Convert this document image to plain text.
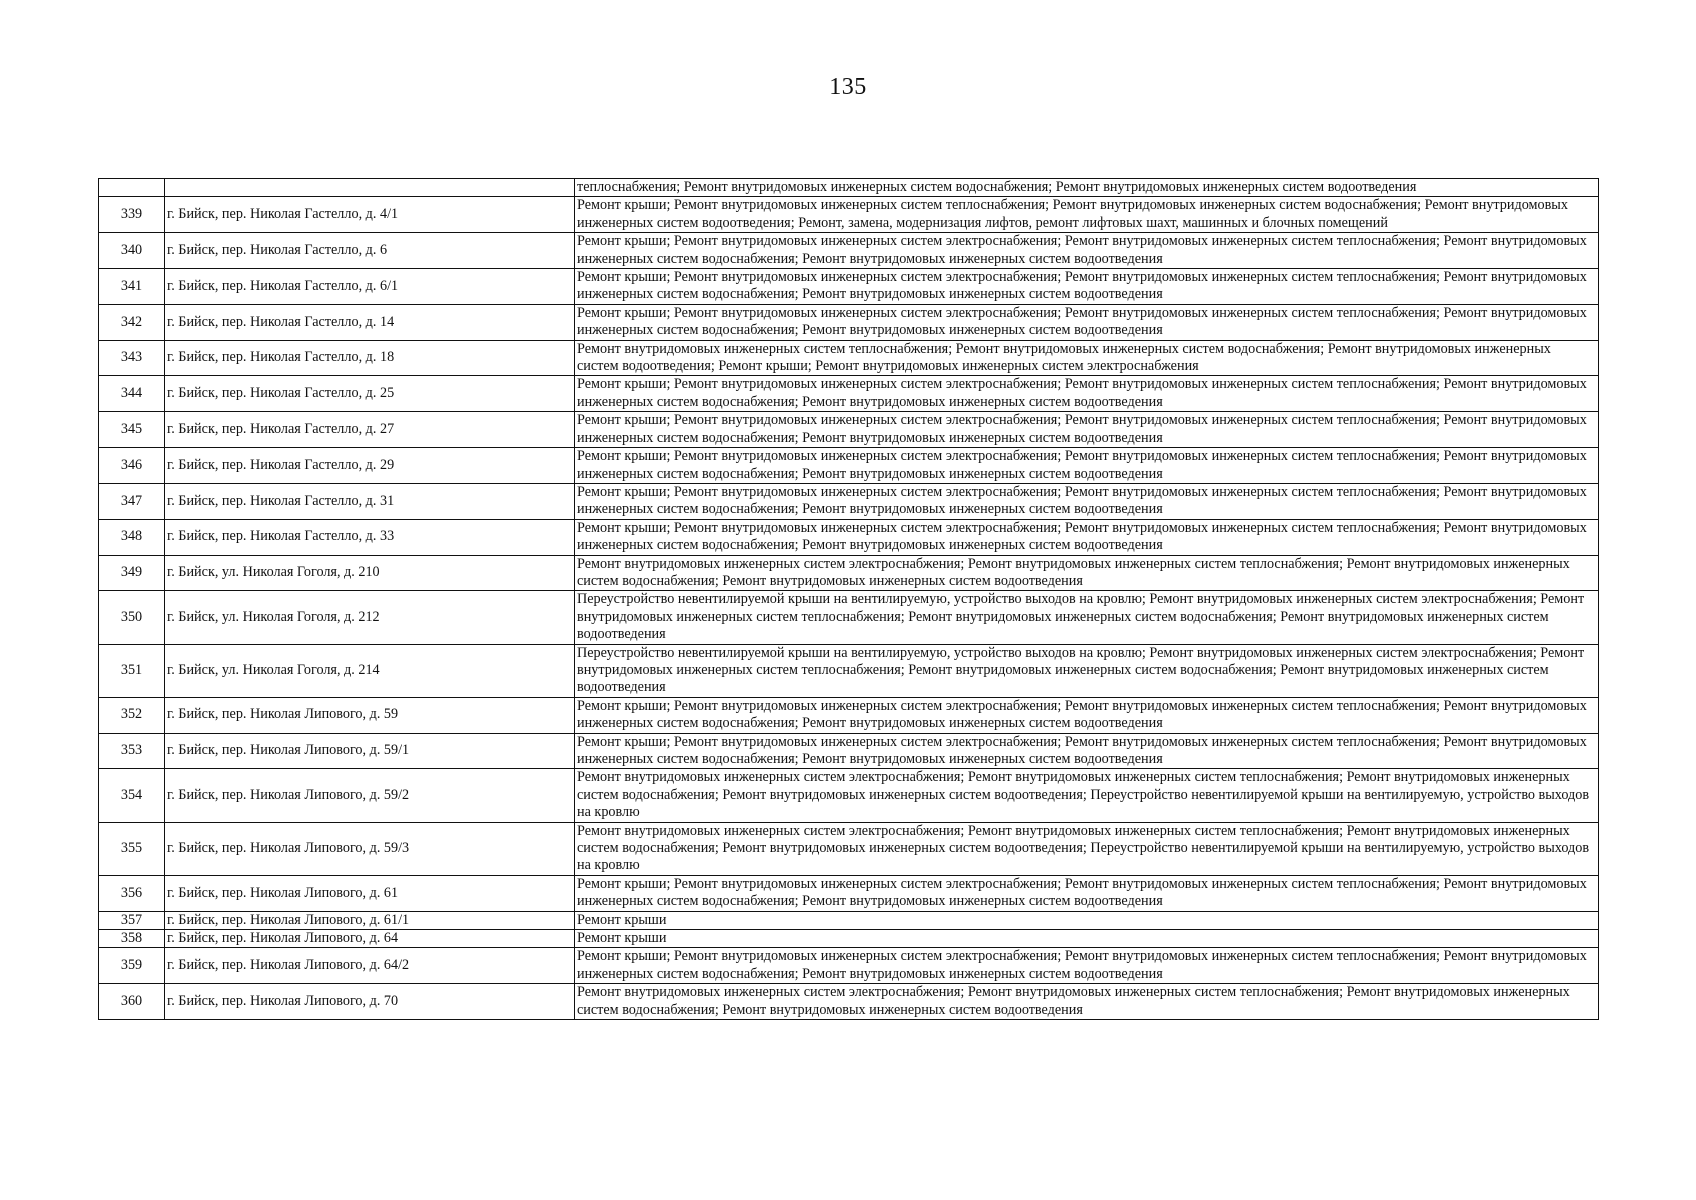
135
		теплоснабжения; Ремонт внутридомовых инженерных систем водоснабжения; Ремонт внутридомовых инженерных систем водоотведения
339	г. Бийск, пер. Николая Гастелло, д. 4/1	Ремонт крыши; Ремонт внутридомовых инженерных систем теплоснабжения; Ремонт внутридомовых инженерных систем водоснабжения; Ремонт внутридомовых инженерных систем водоотведения; Ремонт, замена, модернизация лифтов, ремонт лифтовых шахт, машинных и блочных помещений
340	г. Бийск, пер. Николая Гастелло, д. 6	Ремонт крыши; Ремонт внутридомовых инженерных систем электроснабжения; Ремонт внутридомовых инженерных систем теплоснабжения; Ремонт внутридомовых инженерных систем водоснабжения; Ремонт внутридомовых инженерных систем водоотведения
341	г. Бийск, пер. Николая Гастелло, д. 6/1	Ремонт крыши; Ремонт внутридомовых инженерных систем электроснабжения; Ремонт внутридомовых инженерных систем теплоснабжения; Ремонт внутридомовых инженерных систем водоснабжения; Ремонт внутридомовых инженерных систем водоотведения
342	г. Бийск, пер. Николая Гастелло, д. 14	Ремонт крыши; Ремонт внутридомовых инженерных систем электроснабжения; Ремонт внутридомовых инженерных систем теплоснабжения; Ремонт внутридомовых инженерных систем водоснабжения; Ремонт внутридомовых инженерных систем водоотведения
343	г. Бийск, пер. Николая Гастелло, д. 18	Ремонт внутридомовых инженерных систем теплоснабжения; Ремонт внутридомовых инженерных систем водоснабжения; Ремонт внутридомовых инженерных систем водоотведения; Ремонт крыши; Ремонт внутридомовых инженерных систем электроснабжения
344	г. Бийск, пер. Николая Гастелло, д. 25	Ремонт крыши; Ремонт внутридомовых инженерных систем электроснабжения; Ремонт внутридомовых инженерных систем теплоснабжения; Ремонт внутридомовых инженерных систем водоснабжения; Ремонт внутридомовых инженерных систем водоотведения
345	г. Бийск, пер. Николая Гастелло, д. 27	Ремонт крыши; Ремонт внутридомовых инженерных систем электроснабжения; Ремонт внутридомовых инженерных систем теплоснабжения; Ремонт внутридомовых инженерных систем водоснабжения; Ремонт внутридомовых инженерных систем водоотведения
346	г. Бийск, пер. Николая Гастелло, д. 29	Ремонт крыши; Ремонт внутридомовых инженерных систем электроснабжения; Ремонт внутридомовых инженерных систем теплоснабжения; Ремонт внутридомовых инженерных систем водоснабжения; Ремонт внутридомовых инженерных систем водоотведения
347	г. Бийск, пер. Николая Гастелло, д. 31	Ремонт крыши; Ремонт внутридомовых инженерных систем электроснабжения; Ремонт внутридомовых инженерных систем теплоснабжения; Ремонт внутридомовых инженерных систем водоснабжения; Ремонт внутридомовых инженерных систем водоотведения
348	г. Бийск, пер. Николая Гастелло, д. 33	Ремонт крыши; Ремонт внутридомовых инженерных систем электроснабжения; Ремонт внутридомовых инженерных систем теплоснабжения; Ремонт внутридомовых инженерных систем водоснабжения; Ремонт внутридомовых инженерных систем водоотведения
349	г. Бийск, ул. Николая Гоголя, д. 210	Ремонт внутридомовых инженерных систем электроснабжения; Ремонт внутридомовых инженерных систем теплоснабжения; Ремонт внутридомовых инженерных систем водоснабжения; Ремонт внутридомовых инженерных систем водоотведения
350	г. Бийск, ул. Николая Гоголя, д. 212	Переустройство невентилируемой крыши на вентилируемую, устройство выходов на кровлю; Ремонт внутридомовых инженерных систем электроснабжения; Ремонт внутридомовых инженерных систем теплоснабжения; Ремонт внутридомовых инженерных систем водоснабжения; Ремонт внутридомовых инженерных систем водоотведения
351	г. Бийск, ул. Николая Гоголя, д. 214	Переустройство невентилируемой крыши на вентилируемую, устройство выходов на кровлю; Ремонт внутридомовых инженерных систем электроснабжения; Ремонт внутридомовых инженерных систем теплоснабжения; Ремонт внутридомовых инженерных систем водоснабжения; Ремонт внутридомовых инженерных систем водоотведения
352	г. Бийск, пер. Николая Липового, д. 59	Ремонт крыши; Ремонт внутридомовых инженерных систем электроснабжения; Ремонт внутридомовых инженерных систем теплоснабжения; Ремонт внутридомовых инженерных систем водоснабжения; Ремонт внутридомовых инженерных систем водоотведения
353	г. Бийск, пер. Николая Липового, д. 59/1	Ремонт крыши; Ремонт внутридомовых инженерных систем электроснабжения; Ремонт внутридомовых инженерных систем теплоснабжения; Ремонт внутридомовых инженерных систем водоснабжения; Ремонт внутридомовых инженерных систем водоотведения
354	г. Бийск, пер. Николая Липового, д. 59/2	Ремонт внутридомовых инженерных систем электроснабжения; Ремонт внутридомовых инженерных систем теплоснабжения; Ремонт внутридомовых инженерных систем водоснабжения; Ремонт внутридомовых инженерных систем водоотведения; Переустройство невентилируемой крыши на вентилируемую, устройство выходов на кровлю
355	г. Бийск, пер. Николая Липового, д. 59/3	Ремонт внутридомовых инженерных систем электроснабжения; Ремонт внутридомовых инженерных систем теплоснабжения; Ремонт внутридомовых инженерных систем водоснабжения; Ремонт внутридомовых инженерных систем водоотведения; Переустройство невентилируемой крыши на вентилируемую, устройство выходов на кровлю
356	г. Бийск, пер. Николая Липового, д. 61	Ремонт крыши; Ремонт внутридомовых инженерных систем электроснабжения; Ремонт внутридомовых инженерных систем теплоснабжения; Ремонт внутридомовых инженерных систем водоснабжения; Ремонт внутридомовых инженерных систем водоотведения
357	г. Бийск, пер. Николая Липового, д. 61/1	Ремонт крыши
358	г. Бийск, пер. Николая Липового, д. 64	Ремонт крыши
359	г. Бийск, пер. Николая Липового, д. 64/2	Ремонт крыши; Ремонт внутридомовых инженерных систем электроснабжения; Ремонт внутридомовых инженерных систем теплоснабжения; Ремонт внутридомовых инженерных систем водоснабжения; Ремонт внутридомовых инженерных систем водоотведения
360	г. Бийск, пер. Николая Липового, д. 70	Ремонт внутридомовых инженерных систем электроснабжения; Ремонт внутридомовых инженерных систем теплоснабжения; Ремонт внутридомовых инженерных систем водоснабжения; Ремонт внутридомовых инженерных систем водоотведения
